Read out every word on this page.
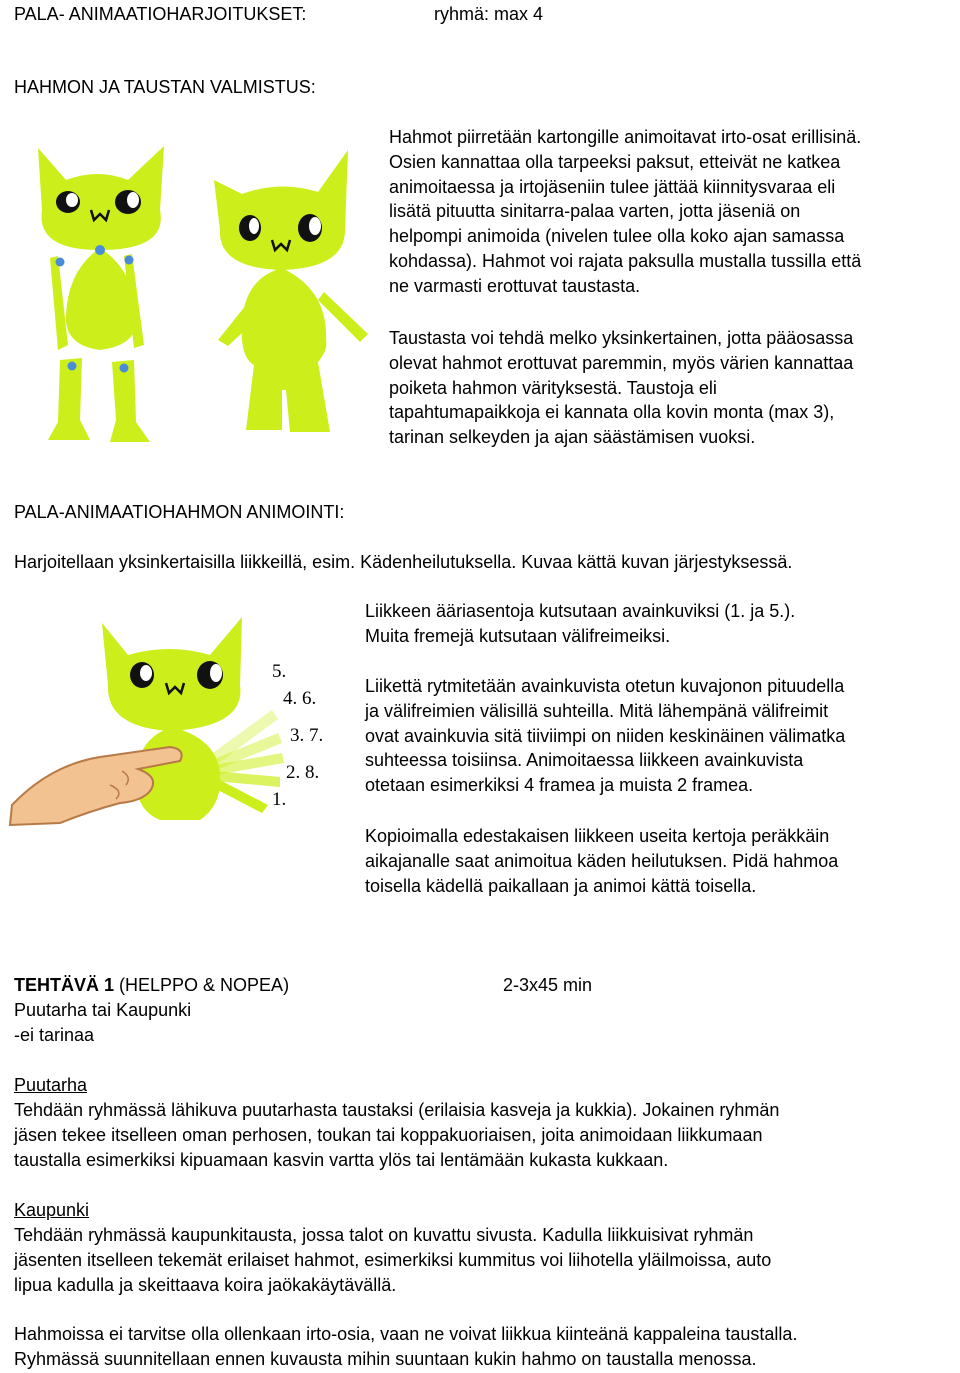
PALA- ANIMAATIOHARJOITUKSET:	ryhmä: max 4
HAHMON JA TAUSTAN VALMISTUS:

Hahmot piirretään kartongille animoitavat irto-osat erillisinä.

Osien kannattaa olla tarpeeksi paksut, etteivät ne katkea

animoitaessa ja irtojäseniin tulee jättää kiinnitysvaraa eli

lisätä pituutta sinitarra-palaa varten, jotta jäseniä on

helpompi animoida (nivelen tulee olla koko ajan samassa

kohdassa). Hahmot voi rajata paksulla mustalla tussilla että

ne varmasti erottuvat taustasta.

Taustasta voi tehdä melko yksinkertainen, jotta pääosassa

olevat hahmot erottuvat paremmin, myös värien kannattaa

poiketa hahmon värityksestä. Taustoja eli

tapahtumapaikkoja ei kannata olla kovin monta (max 3),

tarinan selkeyden ja ajan säästämisen vuoksi.

PALA-ANIMAATIOHAHMON ANIMOINTI:
Harjoitellaan yksinkertaisilla liikkeillä, esim. Kädenheilutuksella. Kuvaa kättä kuvan järjestyksessä.

Liikkeen ääriasentoja kutsutaan avainkuviksi (1. ja 5.).

Muita fremejä kutsutaan välifreimeiksi.

Liikettä rytmitetään avainkuvista otetun kuvajonon pituudella

ja välifreimien välisillä suhteilla. Mitä lähempänä välifreimit

ovat avainkuvia sitä tiiviimpi on niiden keskinäinen välimatka

suhteessa toisiinsa. Animoitaessa liikkeen avainkuvista

otetaan esimerkiksi 4 framea ja muista 2 framea.

Kopioimalla edestakaisen liikkeen useita kertoja peräkkäin

aikajanalle saat animoitua käden heilutuksen. Pidä hahmoa

toisella kädellä paikallaan ja animoi kättä toisella.

5.
4. 6.
3. 7.
2. 8.
1.
TEHTÄVÄ 1 (HELPPO & NOPEA)	2-3x45 min
Puutarha tai Kaupunki
-ei tarinaa
Puutarha

Tehdään ryhmässä lähikuva puutarhasta taustaksi (erilaisia kasveja ja kukkia). Jokainen ryhmän

jäsen tekee itselleen oman perhosen, toukan tai koppakuoriaisen, joita animoidaan liikkumaan

taustalla esimerkiksi kipuamaan kasvin vartta ylös tai lentämään kukasta kukkaan.

Kaupunki

Tehdään ryhmässä kaupunkitausta, jossa talot on kuvattu sivusta. Kadulla liikkuisivat ryhmän

jäsenten itselleen tekemät erilaiset hahmot, esimerkiksi kummitus voi liihotella yläilmoissa, auto

lipua kadulla ja skeittaava koira jaökakäytävällä.

Hahmoissa ei tarvitse olla ollenkaan irto-osia, vaan ne voivat liikkua kiinteänä kappaleina taustalla.

Ryhmässä suunnitellaan ennen kuvausta mihin suuntaan kukin hahmo on taustalla menossa.
